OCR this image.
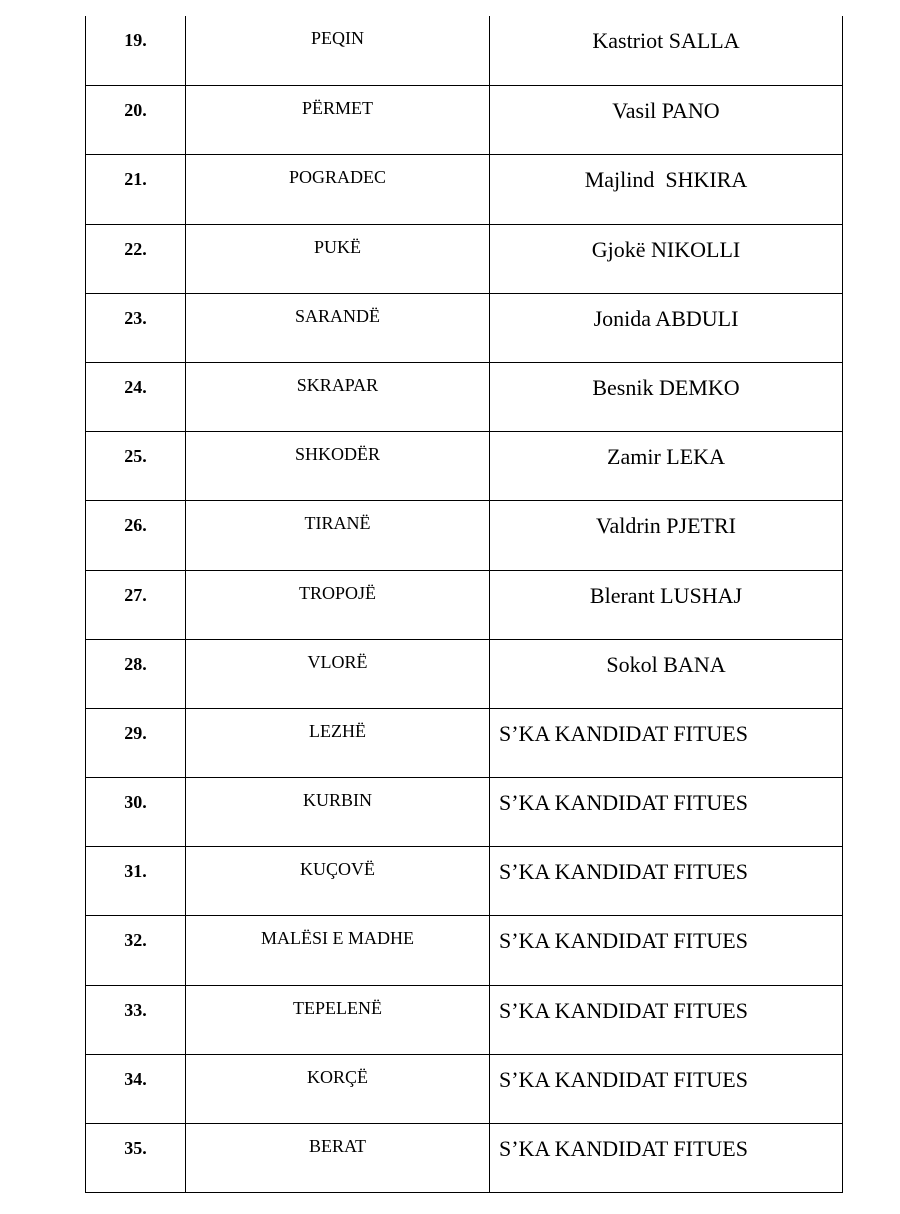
19.	PEQIN	Kastriot SALLA
20.	PËRMET	Vasil PANO
21.	POGRADEC	Majlind  SHKIRA
22.	PUKË	Gjokë NIKOLLI
23.	SARANDË	Jonida ABDULI
24.	SKRAPAR	Besnik DEMKO
25.	SHKODËR	Zamir LEKA
26.	TIRANË	Valdrin PJETRI
27.	TROPOJË	Blerant LUSHAJ
28.	VLORË	Sokol BANA
29.	LEZHË	S’KA KANDIDAT FITUES
30.	KURBIN	S’KA KANDIDAT FITUES
31.	KUÇOVË	S’KA KANDIDAT FITUES
32.	MALËSI E MADHE	S’KA KANDIDAT FITUES
33.	TEPELENË	S’KA KANDIDAT FITUES
34.	KORÇË	S’KA KANDIDAT FITUES
35.	BERAT	S’KA KANDIDAT FITUES
